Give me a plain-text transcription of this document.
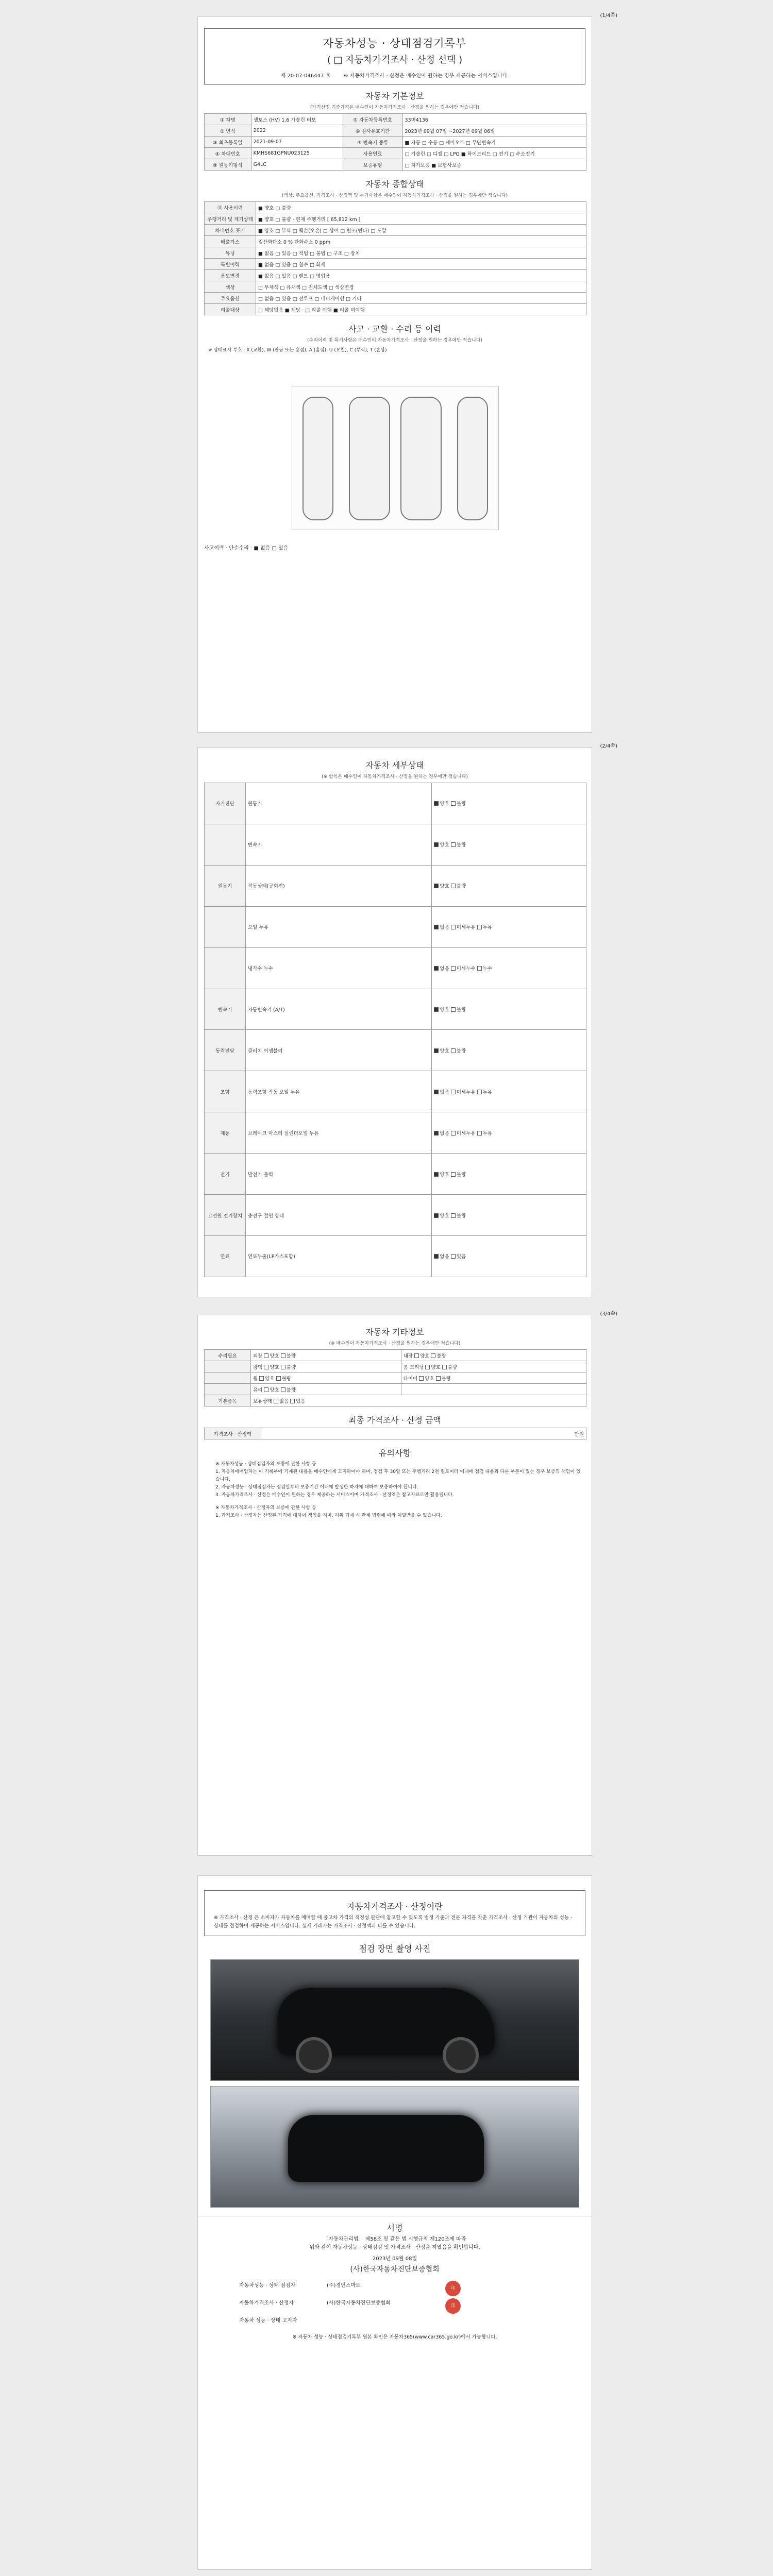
자동차성능 · 상태점검기록부
( □ 자동차가격조사 · 산정 선택 )
제 20-07-046447 호	※ 자동차가격조사 · 산정은 매수인이 원하는 경우 제공하는 서비스입니다.
자동차 기본정보
(가격산정 기준가격은 매수인이 자동차가격조사 · 산정을 원하는 경우에만 적습니다)
① 차명	셀토스 (HV) 1.6 가솔린 터보	⑤ 자동차등록번호	33머4136
② 연식	2022	⑥ 검사유효기간	2023년 09월 07일 ~2027년 09월 06일
③ 최초등록일	2021-09-07	⑦ 변속기 종류	■ 자동 □ 수동 □ 세미오토 □ 무단변속기
④ 차대번호	KMHS681GPNU023125	사용연료	□ 가솔린 □ 디젤 □ LPG ■ 하이브리드 □ 전기 □ 수소전기
⑨ 원동기형식	G4LC	보증유형	□ 자가보증 ■ 보험사보증
자동차 종합상태
(색상, 주요옵션, 가격조사 · 산정액 및 특기사항은 매수인이 자동차가격조사 · 산정을 원하는 경우에만 적습니다)
⑪ 사용이력	■ 양호 □ 불량
주행거리 및 계기상태	■ 양호 □ 불량 · 현재 주행거리 [ 65,812 km ]
차대번호 표기	■ 양호 □ 부식 □ 훼손(오손) □ 상이 □ 변조(변타) □ 도말
배출가스	일산화탄소 0 % 탄화수소 0 ppm
튜닝	■ 없음 □ 있음 □ 적법 □ 불법 □ 구조 □ 장치
특별이력	■ 없음 □ 있음 □ 침수 □ 화재
용도변경	■ 없음 □ 있음 □ 렌트 □ 영업용
색상	□ 무채색 □ 유채색 □ 전체도색 □ 색상변경
주요옵션	□ 없음 □ 있음 □ 선루프 □ 네비게이션 □ 기타
리콜대상	□ 해당없음 ■ 해당 · □ 리콜 이행 ■ 리콜 미이행
사고 · 교환 · 수리 등 이력
(수리이력 및 특기사항은 매수인이 자동차가격조사 · 산정을 원하는 경우에만 적습니다)
※ 상태표시 부호 : X (교환), W (판금 또는 용접), A (흠집), U (요철), C (부식), T (손상)
사고이력 · 단순수리 · ■ 없음 □ 있음
(1/4쪽)
자동차 세부상태
(※ 항목은 매수인이 자동차가격조사 · 산정을 원하는 경우에만 적습니다)
자기진단	원동기	양호 불량
	변속기	양호 불량
원동기	작동상태(공회전)	양호 불량
	오일 누유	없음 미세누유 누유
	냉각수 누수	없음 미세누수 누수
변속기	자동변속기 (A/T)	양호 불량
동력전달	클러치 어셈블리	양호 불량
조향	동력조향 작동 오일 누유	없음 미세누유 누유
제동	브레이크 마스터 실린더오일 누유	없음 미세누유 누유
전기	발전기 출력	양호 불량
고전원 전기장치	충전구 절연 상태	양호 불량
연료	연료누출(LP가스포함)	없음 있음
(2/4쪽)
자동차 기타정보
(※ 매수인이 자동차가격조사 · 산정을 원하는 경우에만 적습니다)
수리필요	외장 양호 불량	내장 양호 불량
	광택 양호 불량	룸 크리닝 양호 불량
	휠 양호 불량	타이어 양호 불량
	유리 양호 불량	
기본품목	보유상태 없음 있음	
최종 가격조사 · 산정 금액
가격조사 · 산정액	만원
유의사항
※ 자동차성능 · 상태점검자의 보증에 관한 사항 등
1. 자동차매매업자는 이 기록부에 기재된 내용을 매수인에게 고지하여야 하며, 점검 후 30일 또는 주행거리 2천 킬로미터 이내에 점검 내용과 다른 부분이 있는 경우 보증의 책임이 있습니다.
2. 자동차성능 · 상태점검자는 점검일부터 보증기간 이내에 발생한 하자에 대하여 보증하여야 합니다.
3. 자동차가격조사 · 산정은 매수인이 원하는 경우 제공하는 서비스이며 가격조사 · 산정액은 참고자료로만 활용됩니다.
※ 자동차가격조사 · 산정자의 보증에 관한 사항 등
1. 가격조사 · 산정자는 산정된 가격에 대하여 책임을 지며, 허위 기재 시 관계 법령에 따라 처벌받을 수 있습니다.
(3/4쪽)
자동차가격조사 · 산정이란
※ 가격조사 · 산정 은 소비자가 자동차를 매매할 때 중고차 가격의 적정성 판단에 참고할 수 있도록 법정 기준과 전문 자격을 갖춘 가격조사 · 산정 기관이 자동차의 성능 · 상태를 점검하여 제공하는 서비스입니다. 실제 거래가는 가격조사 · 산정액과 다를 수 있습니다.
점검 장면 촬영 사진
서명
「자동차관리법」 제58조 및 같은 법 시행규칙 제120조에 따라
위와 같이 자동차성능 · 상태점검 및 가격조사 · 산정을 하였음을 확인합니다.
2023년 09월 08일
(사)한국자동차진단보증협회
자동차성능 · 상태 점검자	(주)경인스마트	印
자동차가격조사 · 산정자	(사)한국자동차진단보증협회	印
자동차 성능 · 상태 고지자
※ 자동차 성능 · 상태점검기록부 원본 확인은 자동차365(www.car365.go.kr)에서 가능합니다.
